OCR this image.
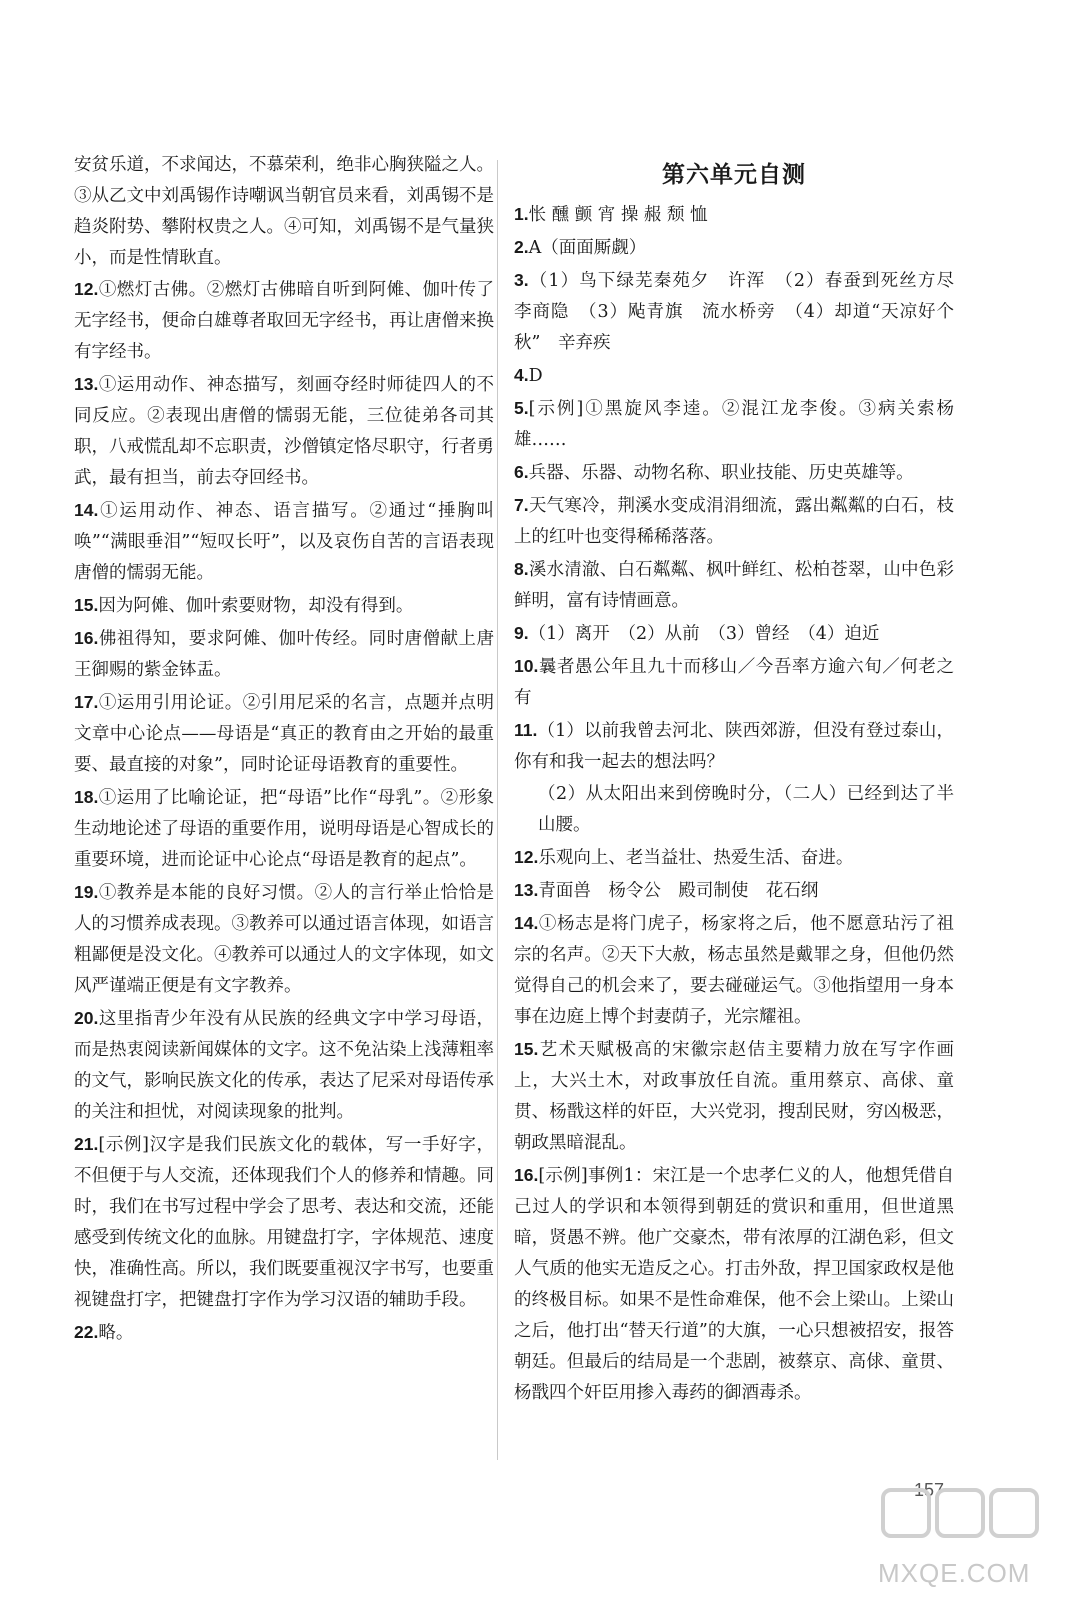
安贫乐道，不求闻达，不慕荣利，绝非心胸狭隘之人。
③从乙文中刘禹锡作诗嘲讽当朝官员来看，刘禹锡不是趋炎附势、攀附权贵之人。④可知，刘禹锡不是气量狭小，而是性情耿直。
12.①燃灯古佛。②燃灯古佛暗自听到阿傩、伽叶传了无字经书，便命白雄尊者取回无字经书，再让唐僧来换有字经书。
13.①运用动作、神态描写，刻画夺经时师徒四人的不同反应。②表现出唐僧的懦弱无能，三位徒弟各司其职，八戒慌乱却不忘职责，沙僧镇定恪尽职守，行者勇武，最有担当，前去夺回经书。
14.①运用动作、神态、语言描写。②通过“捶胸叫唤”“满眼垂泪”“短叹长吁”，以及哀伤自苦的言语表现唐僧的懦弱无能。
15.因为阿傩、伽叶索要财物，却没有得到。
16.佛祖得知，要求阿傩、伽叶传经。同时唐僧献上唐王御赐的紫金钵盂。
17.①运用引用论证。②引用尼采的名言，点题并点明文章中心论点——母语是“真正的教育由之开始的最重要、最直接的对象”，同时论证母语教育的重要性。
18.①运用了比喻论证，把“母语”比作“母乳”。②形象生动地论述了母语的重要作用，说明母语是心智成长的重要环境，进而论证中心论点“母语是教育的起点”。
19.①教养是本能的良好习惯。②人的言行举止恰恰是人的习惯养成表现。③教养可以通过语言体现，如语言粗鄙便是没文化。④教养可以通过人的文字体现，如文风严谨端正便是有文字教养。
20.这里指青少年没有从民族的经典文字中学习母语，而是热衷阅读新闻媒体的文字。这不免沾染上浅薄粗率的文气，影响民族文化的传承，表达了尼采对母语传承的关注和担忧，对阅读现象的批判。
21.[示例]汉字是我们民族文化的载体，写一手好字，不但便于与人交流，还体现我们个人的修养和情趣。同时，我们在书写过程中学会了思考、表达和交流，还能感受到传统文化的血脉。用键盘打字，字体规范、速度快，准确性高。所以，我们既要重视汉字书写，也要重视键盘打字，把键盘打字作为学习汉语的辅助手段。
22.略。
第六单元自测
1.怅 醺 颤 宵 操 赧 颓 恤
2.A（面面厮觑）
3.（1）鸟下绿芜秦苑夕　许浑　（2）春蚕到死丝方尽　李商隐　（3）飐青旗　流水桥旁　（4）却道“天凉好个秋”　辛弃疾
4.D
5.[示例]①黑旋风李逵。②混江龙李俊。③病关索杨雄……
6.兵器、乐器、动物名称、职业技能、历史英雄等。
7.天气寒冷，荆溪水变成涓涓细流，露出粼粼的白石，枝上的红叶也变得稀稀落落。
8.溪水清澈、白石粼粼、枫叶鲜红、松柏苍翠，山中色彩鲜明，富有诗情画意。
9.（1）离开　（2）从前　（3）曾经　（4）迫近
10.曩者愚公年且九十而移山／今吾率方逾六旬／何老之有
11.（1）以前我曾去河北、陕西郊游，但没有登过泰山，你有和我一起去的想法吗？
（2）从太阳出来到傍晚时分，（二人）已经到达了半山腰。
12.乐观向上、老当益壮、热爱生活、奋进。
13.青面兽　杨令公　殿司制使　花石纲
14.①杨志是将门虎子，杨家将之后，他不愿意玷污了祖宗的名声。②天下大赦，杨志虽然是戴罪之身，但他仍然觉得自己的机会来了，要去碰碰运气。③他指望用一身本事在边庭上博个封妻荫子，光宗耀祖。
15.艺术天赋极高的宋徽宗赵佶主要精力放在写字作画上，大兴土木，对政事放任自流。重用蔡京、高俅、童贯、杨戬这样的奸臣，大兴党羽，搜刮民财，穷凶极恶，朝政黑暗混乱。
16.[示例]事例1：宋江是一个忠孝仁义的人，他想凭借自己过人的学识和本领得到朝廷的赏识和重用，但世道黑暗，贤愚不辨。他广交豪杰，带有浓厚的江湖色彩，但文人气质的他实无造反之心。打击外敌，捍卫国家政权是他的终极目标。如果不是性命难保，他不会上梁山。上梁山之后，他打出“替天行道”的大旗，一心只想被招安，报答朝廷。但最后的结局是一个悲剧，被蔡京、高俅、童贯、杨戬四个奸臣用掺入毒药的御酒毒杀。
157
MXQE.COM
